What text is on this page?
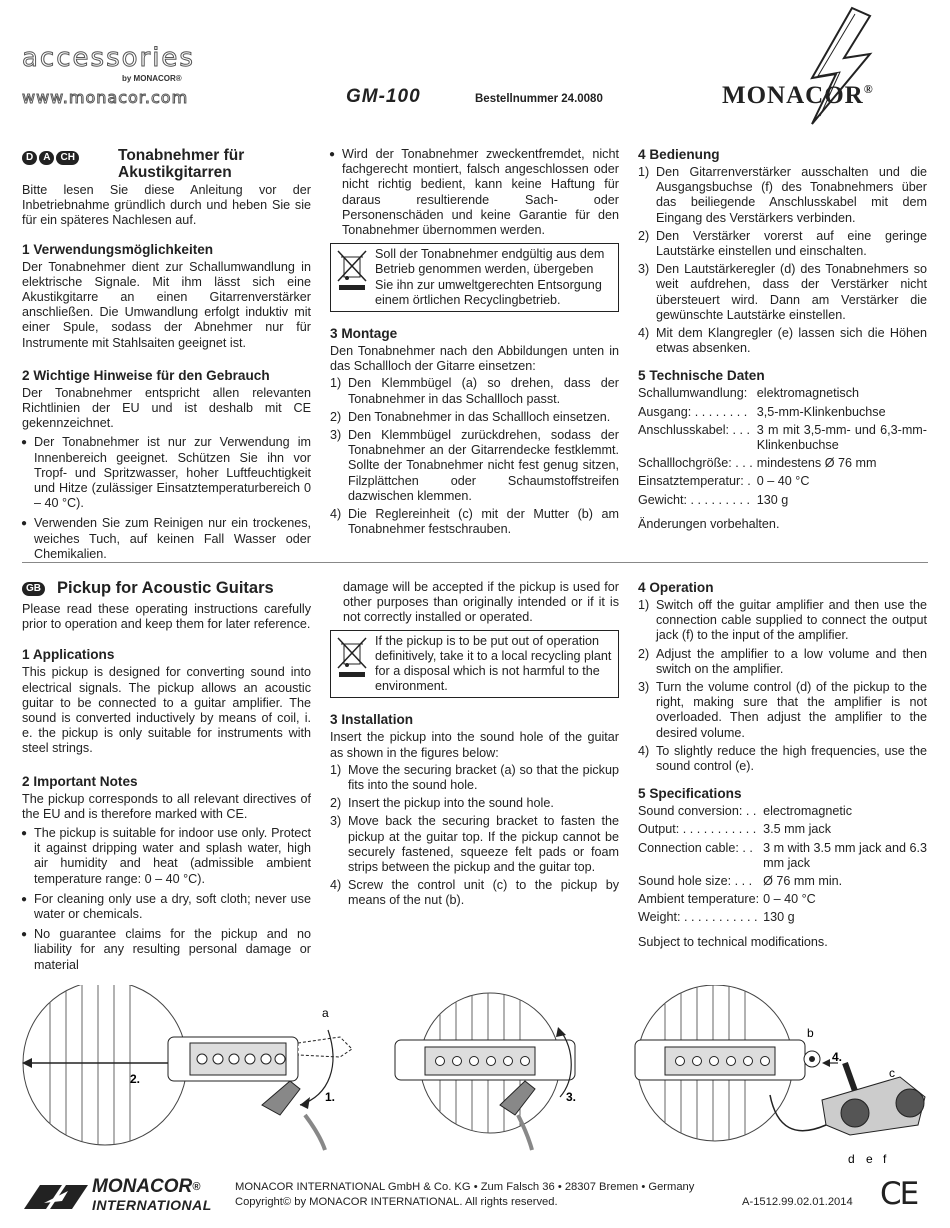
accessories
by MONACOR®
www.monacor.com	GM-100	Bestellnummer 24.0080	MONACOR®
D A CH	Tonabnehmer für
Akustikgitarren

Bitte lesen Sie diese Anleitung vor der Inbetriebnahme gründlich durch und heben Sie sie für ein späteres Nachlesen auf.

1 Verwendungsmöglichkeiten

Der Tonabnehmer dient zur Schallumwandlung in elektrische Signale. Mit ihm lässt sich eine Akustikgitarre an einen Gitarrenverstärker anschließen. Die Umwandlung erfolgt induktiv mit einer Spule, sodass der Abnehmer nur für Instrumente mit Stahlsaiten geeignet ist.

2 Wichtige Hinweise für den Gebrauch

Der Tonabnehmer entspricht allen relevanten Richtlinien der EU und ist deshalb mit CE gekennzeichnet.

● Der Tonabnehmer ist nur zur Verwendung im Innenbereich geeignet. Schützen Sie ihn vor Tropf- und Spritzwasser, hoher Luftfeuchtigkeit und Hitze (zulässiger Einsatztemperaturbereich 0 – 40 °C).
● Verwenden Sie zum Reinigen nur ein trockenes, weiches Tuch, auf keinen Fall Wasser oder Chemikalien.
● Wird der Tonabnehmer zweckentfremdet, nicht fachgerecht montiert, falsch angeschlossen oder nicht richtig bedient, kann keine Haftung für daraus resultierende Sach- oder Personenschäden und keine Garantie für den Tonabnehmer übernommen werden.
Soll der Tonabnehmer endgültig aus dem Betrieb genommen werden, übergeben Sie ihn zur umweltgerechten Entsorgung einem örtlichen Recyclingbetrieb.
3 Montage

Den Tonabnehmer nach den Abbildungen unten in das Schallloch der Gitarre einsetzen:

1) Den Klemmbügel (a) so drehen, dass der Tonabnehmer in das Schallloch passt.
2) Den Tonabnehmer in das Schallloch einsetzen.
3) Den Klemmbügel zurückdrehen, sodass der Tonabnehmer an der Gitarrendecke festklemmt. Sollte der Tonabnehmer nicht fest genug sitzen, Filzplättchen oder Schaumstoffstreifen dazwischen klemmen.
4) Die Reglereinheit (c) mit der Mutter (b) am Tonabnehmer festschrauben.
4 Bedienung
1) Den Gitarrenverstärker ausschalten und die Ausgangsbuchse (f) des Tonabnehmers über das beiliegende Anschlusskabel mit dem Eingang des Verstärkers verbinden.
2) Den Verstärker vorerst auf eine geringe Lautstärke einstellen und einschalten.
3) Den Lautstärkeregler (d) des Tonabnehmers so weit aufdrehen, dass der Verstärker nicht übersteuert wird. Dann am Verstärker die gewünschte Lautstärke einstellen.
4) Mit dem Klangregler (e) lassen sich die Höhen etwas absenken.
5 Technische Daten
Schallumwandlung:	elektromagnetisch
Ausgang: . . . . . . . .	3,5-mm-Klinkenbuchse
Anschlusskabel: . . .	3 m mit 3,5-mm- und 6,3-mm-Klinkenbuchse
Schalllochgröße: . . .	mindestens Ø 76 mm
Einsatztemperatur: .	0 – 40 °C
Gewicht: . . . . . . . . .	130 g

Änderungen vorbehalten.

GB Pickup for Acoustic Guitars

Please read these operating instructions carefully prior to operation and keep them for later reference.

1 Applications

This pickup is designed for converting sound into electrical signals. The pickup allows an acoustic guitar to be connected to a guitar amplifier. The sound is converted inductively by means of coil, i. e. the pickup is only suitable for instruments with steel strings.

2 Important Notes

The pickup corresponds to all relevant directives of the EU and is therefore marked with CE.

● The pickup is suitable for indoor use only. Protect it against dripping water and splash water, high air humidity and heat (admissible ambient temperature range: 0 – 40 °C).
● For cleaning only use a dry, soft cloth; never use water or chemicals.
● No guarantee claims for the pickup and no liability for any resulting personal damage or material

damage will be accepted if the pickup is used for other purposes than originally intended or if it is not correctly installed or operated.

If the pickup is to be put out of operation definitively, take it to a local recycling plant for a disposal which is not harmful to the environment.
3 Installation

Insert the pickup into the sound hole of the guitar as shown in the figures below:

1) Move the securing bracket (a) so that the pickup fits into the sound hole.
2) Insert the pickup into the sound hole.
3) Move back the securing bracket to fasten the pickup at the guitar top. If the pickup cannot be securely fastened, squeeze felt pads or foam strips between the pickup and the guitar top.
4) Screw the control unit (c) to the pickup by means of the nut (b).
4 Operation
1) Switch off the guitar amplifier and then use the connection cable supplied to connect the output jack (f) to the input of the amplifier.
2) Adjust the amplifier to a low volume and then switch on the amplifier.
3) Turn the volume control (d) of the pickup to the right, making sure that the amplifier is not overloaded. Then adjust the amplifier to the desired volume.
4) To slightly reduce the high frequencies, use the sound control (e).
5 Specifications
Sound conversion: . .	electromagnetic
Output: . . . . . . . . . . .	3.5 mm jack
Connection cable: . .	3 m with 3.5 mm jack and 6.3 mm jack
Sound hole size: . . .	Ø 76 mm min.
Ambient temperature:	0 – 40 °C
Weight: . . . . . . . . . . .	130 g

Subject to technical modifications.

a
1.
2.
3.
b
4.
c
d e f
MONACOR®
INTERNATIONAL
MONACOR INTERNATIONAL GmbH & Co. KG • Zum Falsch 36 • 28307 Bremen • Germany
Copyright© by MONACOR INTERNATIONAL. All rights reserved.	A-1512.99.02.01.2014 CE
